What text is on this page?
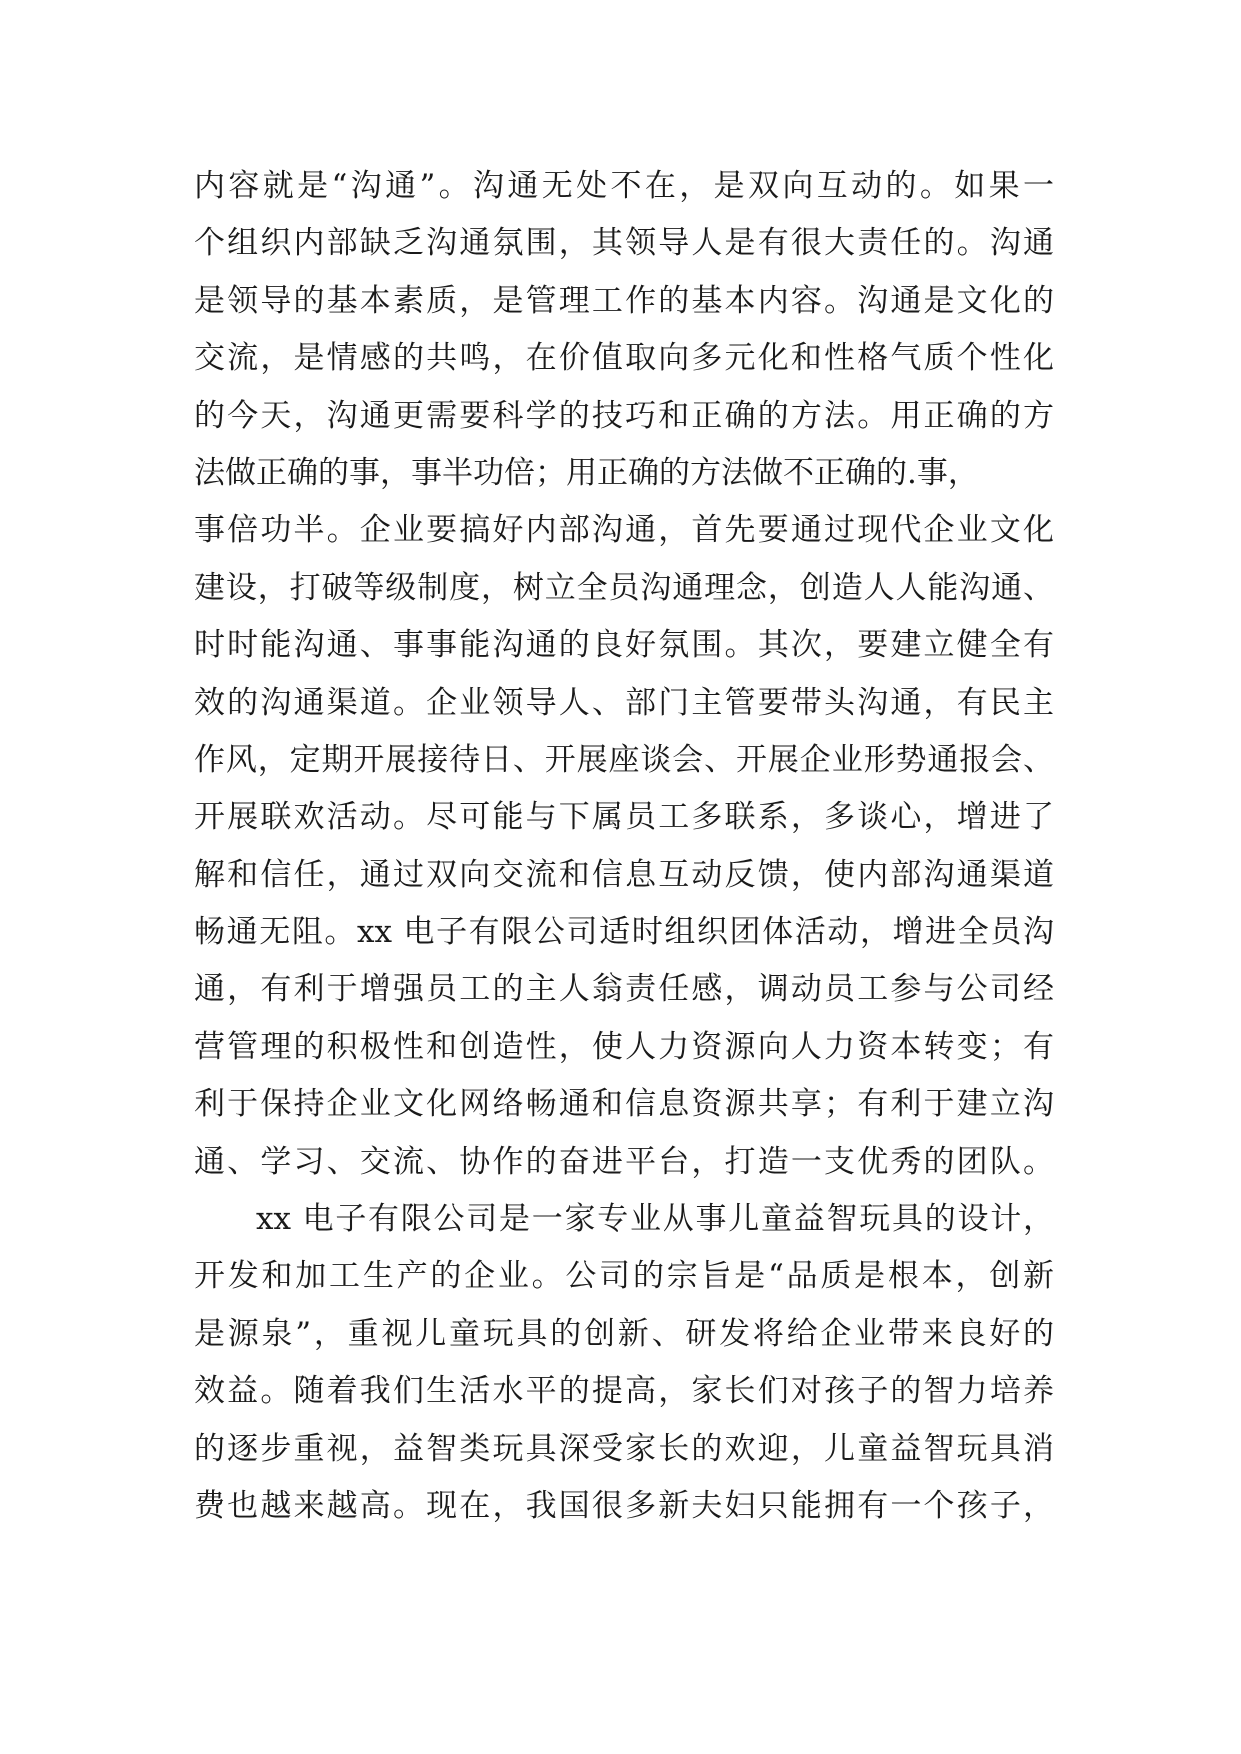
内容就是“沟通”。沟通无处不在，是双向互动的。如果一
个组织内部缺乏沟通氛围，其领导人是有很大责任的。沟通
是领导的基本素质，是管理工作的基本内容。沟通是文化的
交流，是情感的共鸣，在价值取向多元化和性格气质个性化
的今天，沟通更需要科学的技巧和正确的方法。用正确的方
法做正确的事，事半功倍；用正确的方法做不正确的.事，
事倍功半。企业要搞好内部沟通，首先要通过现代企业文化
建设，打破等级制度，树立全员沟通理念，创造人人能沟通、
时时能沟通、事事能沟通的良好氛围。其次，要建立健全有
效的沟通渠道。企业领导人、部门主管要带头沟通，有民主
作风，定期开展接待日、开展座谈会、开展企业形势通报会、
开展联欢活动。尽可能与下属员工多联系，多谈心，增进了
解和信任，通过双向交流和信息互动反馈，使内部沟通渠道
畅通无阻。xx 电子有限公司适时组织团体活动，增进全员沟
通，有利于增强员工的主人翁责任感，调动员工参与公司经
营管理的积极性和创造性，使人力资源向人力资本转变；有
利于保持企业文化网络畅通和信息资源共享；有利于建立沟
通、学习、交流、协作的奋进平台，打造一支优秀的团队。
xx 电子有限公司是一家专业从事儿童益智玩具的设计，
开发和加工生产的企业。公司的宗旨是“品质是根本，创新
是源泉”，重视儿童玩具的创新、研发将给企业带来良好的
效益。随着我们生活水平的提高，家长们对孩子的智力培养
的逐步重视，益智类玩具深受家长的欢迎，儿童益智玩具消
费也越来越高。现在，我国很多新夫妇只能拥有一个孩子，
